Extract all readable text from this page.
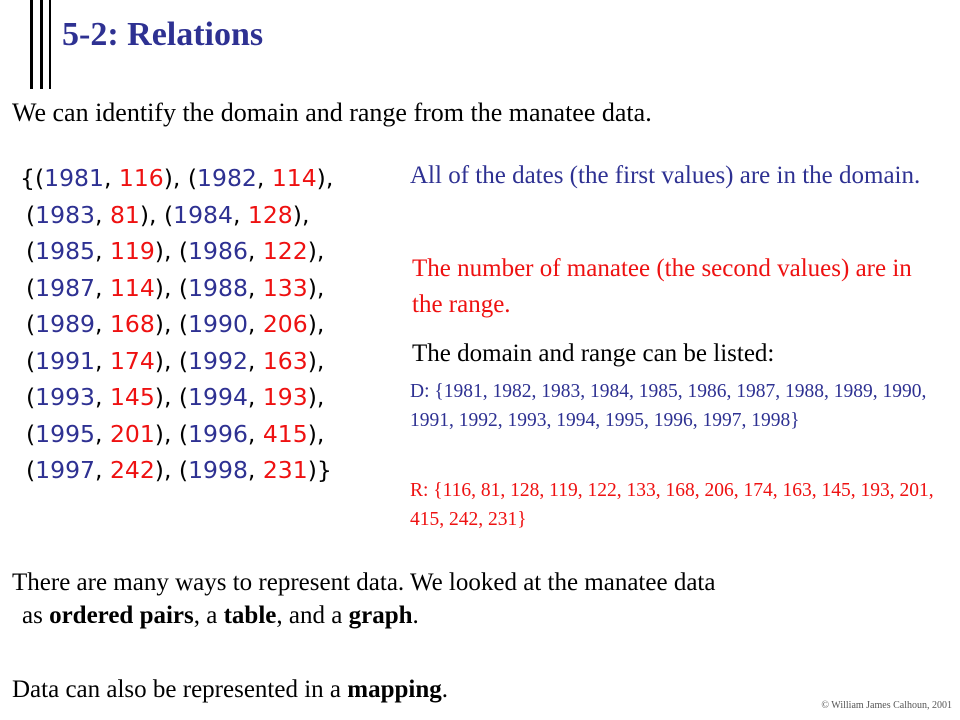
5-2: Relations
We can identify the domain and range from the manatee data.
{(1981, 116), (1982, 114),
(1983, 81), (1984, 128),
(1985, 119), (1986, 122),
(1987, 114), (1988, 133),
(1989, 168), (1990, 206),
(1991, 174), (1992, 163),
(1993, 145), (1994, 193),
(1995, 201), (1996, 415),
(1997, 242), (1998, 231)}
All of the dates (the first values) are in the domain.
The number of manatee (the second values) are in the range.
The domain and range can be listed:
D: {1981, 1982, 1983, 1984, 1985, 1986, 1987, 1988, 1989, 1990, 1991, 1992, 1993, 1994, 1995, 1996, 1997, 1998}
R: {116, 81, 128, 119, 122, 133, 168, 206, 174, 163, 145, 193, 201, 415, 242, 231}
There are many ways to represent data. We looked at the manatee data
as ordered pairs, a table, and a graph.
Data can also be represented in a mapping.
© William James Calhoun, 2001
